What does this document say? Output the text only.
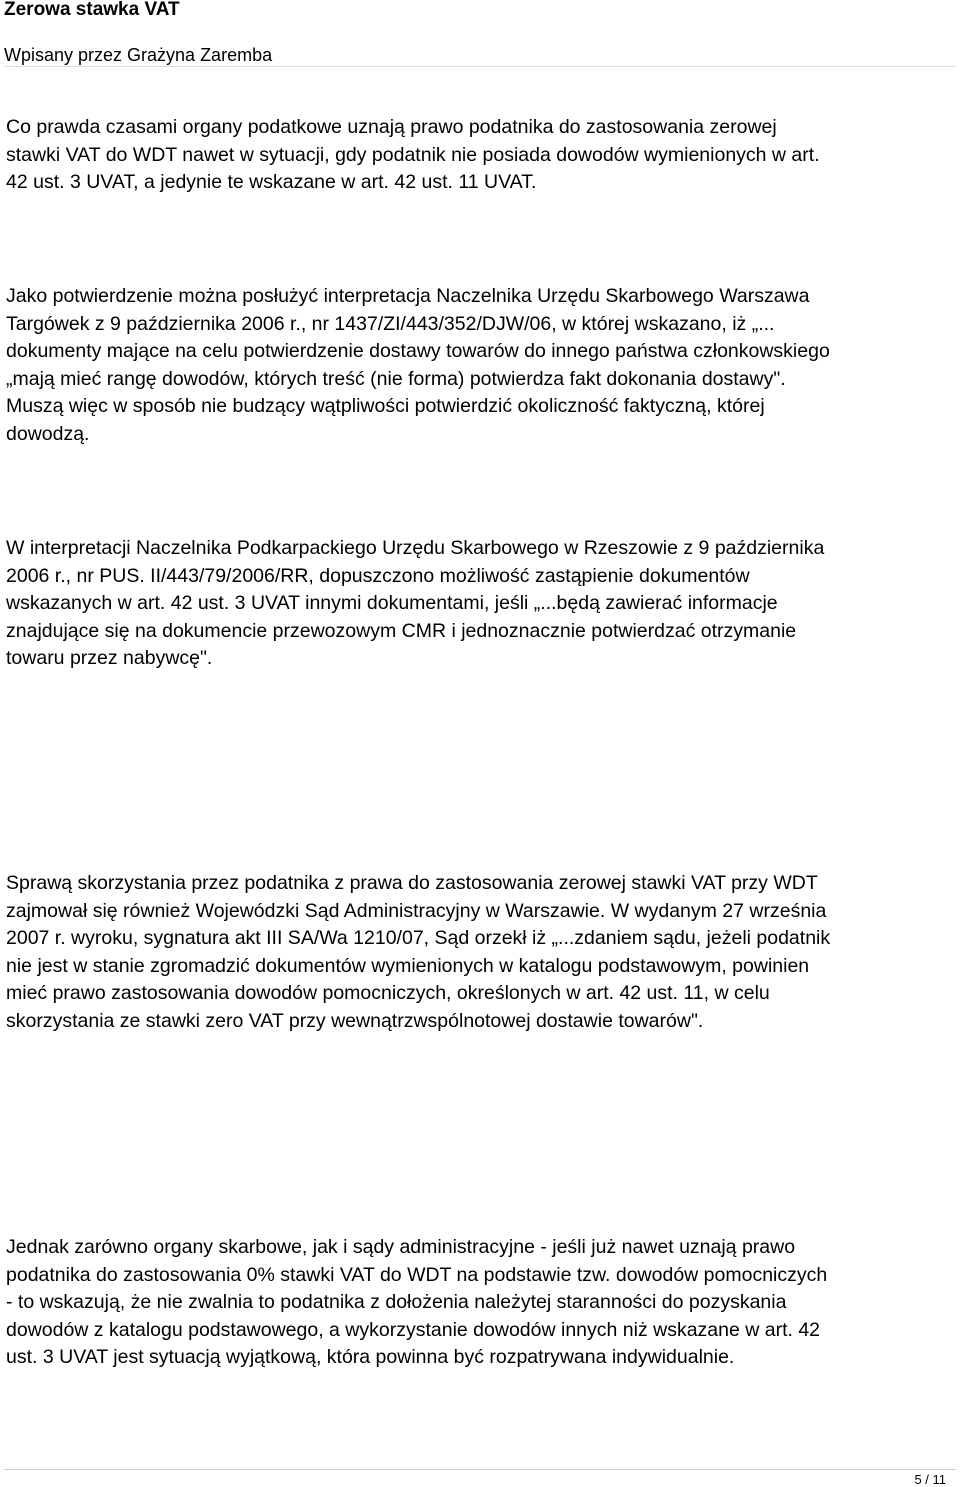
Zerowa stawka VAT
Wpisany przez Grażyna Zaremba

Co prawda czasami organy podatkowe uznają prawo podatnika do zastosowania zerowej
stawki VAT do WDT nawet w sytuacji, gdy podatnik nie posiada dowodów wymienionych w art.
42 ust. 3 UVAT, a jedynie te wskazane w art. 42 ust. 11 UVAT.

Jako potwierdzenie można posłużyć interpretacja Naczelnika Urzędu Skarbowego Warszawa
Targówek z 9 października 2006 r., nr 1437/ZI/443/352/DJW/06, w której wskazano, iż „...
dokumenty mające na celu potwierdzenie dostawy towarów do innego państwa członkowskiego
„mają mieć rangę dowodów, których treść (nie forma) potwierdza fakt dokonania dostawy".
Muszą więc w sposób nie budzący wątpliwości potwierdzić okoliczność faktyczną, której
dowodzą.

W interpretacji Naczelnika Podkarpackiego Urzędu Skarbowego w Rzeszowie z 9 października
2006 r., nr PUS. II/443/79/2006/RR, dopuszczono możliwość zastąpienie dokumentów
wskazanych w art. 42 ust. 3 UVAT innymi dokumentami, jeśli „...będą zawierać informacje
znajdujące się na dokumencie przewozowym CMR i jednoznacznie potwierdzać otrzymanie
towaru przez nabywcę".

Sprawą skorzystania przez podatnika z prawa do zastosowania zerowej stawki VAT przy WDT
zajmował się również Wojewódzki Sąd Administracyjny w Warszawie. W wydanym 27 września
2007 r. wyroku, sygnatura akt III SA/Wa 1210/07, Sąd orzekł iż „...zdaniem sądu, jeżeli podatnik
nie jest w stanie zgromadzić dokumentów wymienionych w katalogu podstawowym, powinien
mieć prawo zastosowania dowodów pomocniczych, określonych w art. 42 ust. 11, w celu
skorzystania ze stawki zero VAT przy wewnątrzwspólnotowej dostawie towarów".

Jednak zarówno organy skarbowe, jak i sądy administracyjne - jeśli już nawet uznają prawo
podatnika do zastosowania 0% stawki VAT do WDT na podstawie tzw. dowodów pomocniczych
- to wskazują, że nie zwalnia to podatnika z dołożenia należytej staranności do pozyskania
dowodów z katalogu podstawowego, a wykorzystanie dowodów innych niż wskazane w art. 42
ust. 3 UVAT jest sytuacją wyjątkową, która powinna być rozpatrywana indywidualnie.

5 / 11
